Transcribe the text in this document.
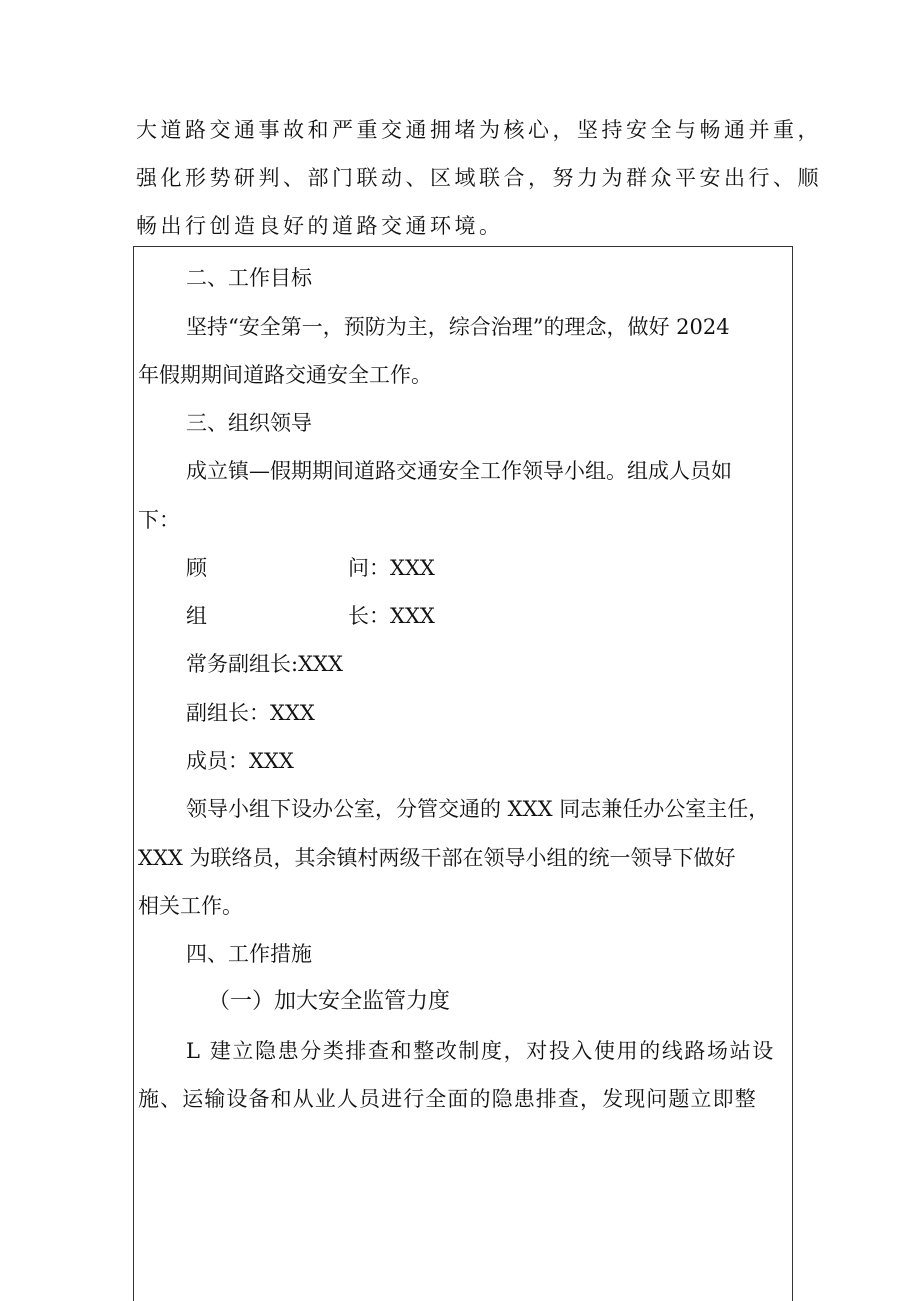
大道路交通事故和严重交通拥堵为核心，坚持安全与畅通并重，
强化形势研判、部门联动、区域联合，努力为群众平安出行、顺
畅出行创造良好的道路交通环境。
二、工作目标
坚持“安全第一，预防为主，综合治理”的理念，做好 2024
年假期期间道路交通安全工作。
三、组织领导
成立镇—假期期间道路交通安全工作领导小组。组成人员如
下：
顾	问：XXX
组	长：XXX
常务副组长:XXX
副组长：XXX
成员：XXX
领导小组下设办公室，分管交通的 XXX 同志兼任办公室主任，
XXX 为联络员，其余镇村两级干部在领导小组的统一领导下做好
相关工作。
四、工作措施
（一）加大安全监管力度
L 建立隐患分类排查和整改制度，对投入使用的线路场站设
施、运输设备和从业人员进行全面的隐患排查，发现问题立即整
